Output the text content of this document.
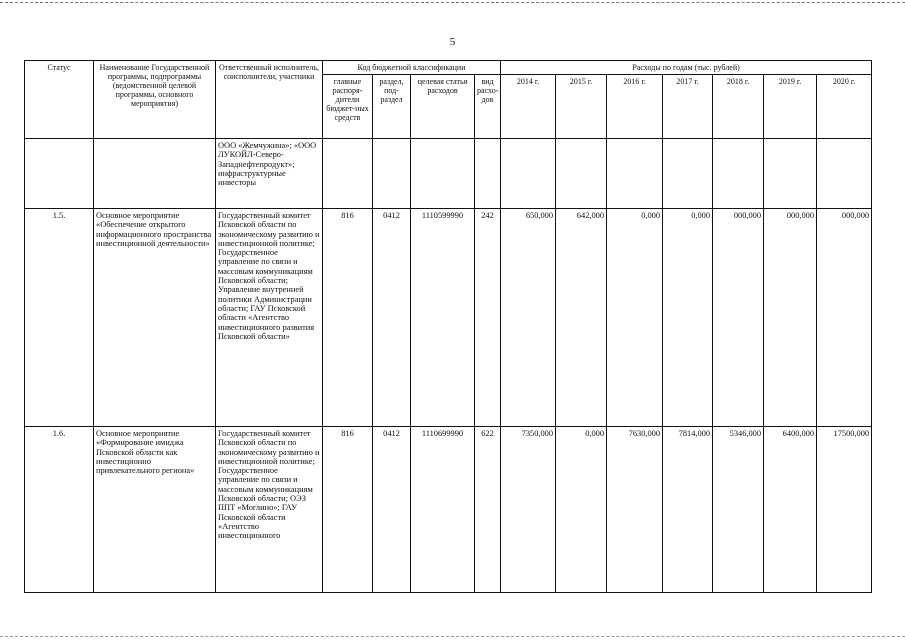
5
Статус	Наименование Государственной программы, подпрограммы (ведомственной целевой программы, основного мероприятия)	Ответственный исполнитель, соисполнители, участники	Код бюджетной классификации				Расходы по годам (тыс. рублей)						
			главные распоря-дители бюджет-ных средств	раздел, под-раздел	целевая статья расходов	вид расхо-дов	2014 г.	2015 г.	2016 г.	2017 г.	2018 г.	2019 г.	2020 г.
		ООО «Жемчужина»; «ООО ЛУКОЙЛ-Северо-Западнефтепродукт»; инфраструктурные инвесторы											
1.5.	Основное мероприятие «Обеспечение открытого информационного пространства инвестиционной деятельности»	Государственный комитет Псковской области по экономическому развитию и инвестиционной политике; Государственное управление по связи и массовым коммуникациям Псковской области; Управление внутренней политики Администрации области; ГАУ Псковской области «Агентство инвестиционного развития Псковской области»	816	0412	1110599990	242	650,000	642,000	0,000	0,000	000,000	000,000	000,000
1.6.	Основное мероприятие «Формирование имиджа Псковской области как инвестиционно привлекательного региона»	Государственный комитет Псковской области по экономическому развитию и инвестиционной политике; Государственное управление по связи и массовым коммуникациям Псковской области; ОЭЗ ППТ «Моглино»; ГАУ Псковской области «Агентство инвестиционного	816	0412	1110699990	622	7350,000	0,000	7630,000	7814,000	5346,000	6400,000	17500,000
